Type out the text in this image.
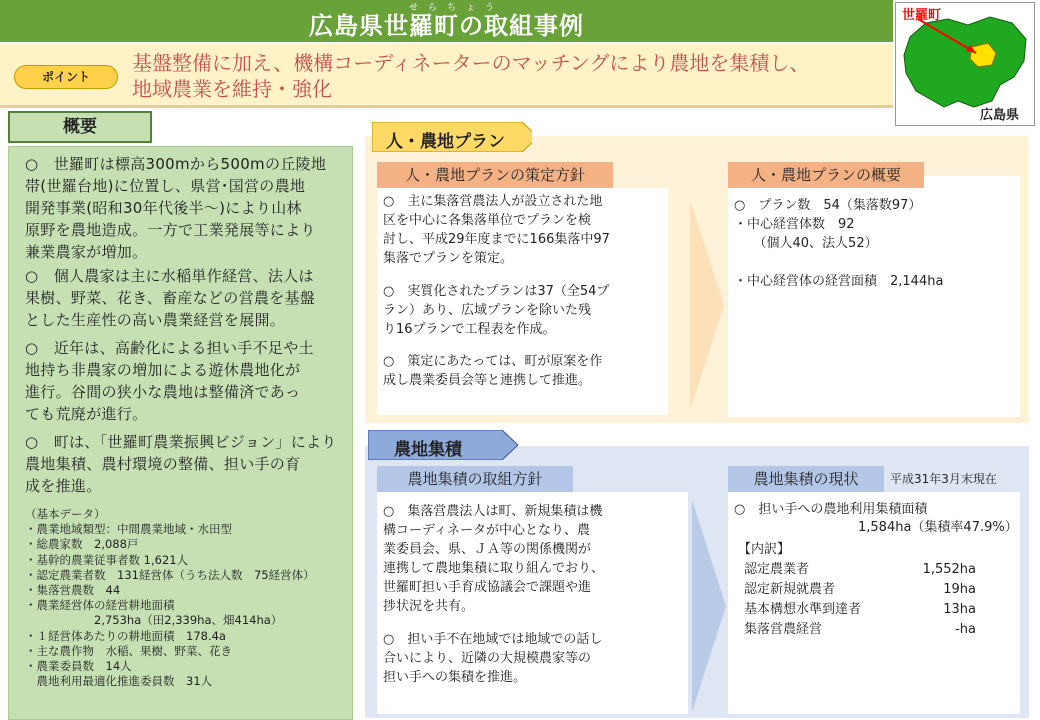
せらちょう
広島県世羅町の取組事例
ポイント
基盤整備に加え、機構コーディネーターのマッチングにより農地を集積し、
地域農業を維持・強化
世羅町
広島県
概要
○　世羅町は標高300mから500mの丘陵地
帯(世羅台地)に位置し、県営･国営の農地
開発事業(昭和30年代後半～)により山林
原野を農地造成。一方で工業発展等により
兼業農家が増加。
○　個人農家は主に水稲単作経営、法人は
果樹、野菜、花き、畜産などの営農を基盤
とした生産性の高い農業経営を展開。
○　近年は、高齢化による担い手不足や土
地持ち非農家の増加による遊休農地化が
進行。谷間の狭小な農地は整備済であっ
ても荒廃が進行。
○　町は、「世羅町農業振興ビジョン」により
農地集積、農村環境の整備、担い手の育
成を推進。
（基本データ）
・農業地域類型：中間農業地域・水田型
・総農家数　2,088戸
・基幹的農業従事者数 1,621人
・認定農業者数　131経営体（うち法人数　75経営体）
・集落営農数　44
・農業経営体の経営耕地面積
　　　　　　2,753ha（田2,339ha、畑414ha）
・１経営体あたりの耕地面積　178.4a
・主な農作物　水稲、果樹、野菜、花き
・農業委員数　14人
　農地利用最適化推進委員数　31人
人・農地プラン
人・農地プランの策定方針
○　主に集落営農法人が設立された地
区を中心に各集落単位でプランを検
討し、平成29年度までに166集落中97
集落でプランを策定。
○　実質化されたプランは37（全54プ
ラン）あり、広域プランを除いた残
り16プランで工程表を作成。
○　策定にあたっては、町が原案を作
成し農業委員会等と連携して推進。
○　プラン数　54（集落数97）
・中心経営体数　92
　　（個人40、法人52）

・中心経営体の経営面積　2,144ha
人・農地プランの概要
農地集積
農地集積の取組方針
○　集落営農法人は町、新規集積は機
構コーディネータが中心となり、農
業委員会、県、ＪＡ等の関係機関が
連携して農地集積に取り組んでおり、
世羅町担い手育成協議会で課題や進
捗状況を共有。
○　担い手不在地域では地域での話し
合いにより、近隣の大規模農家等の
担い手への集積を推進。
農地集積の現状	平成31年3月末現在
○　担い手への農地利用集積面積
1,584ha（集積率47.9%）
【内訳】
認定農業者	1,552ha
認定新規就農者	19ha
基本構想水準到達者	13ha
集落営農経営	-ha
